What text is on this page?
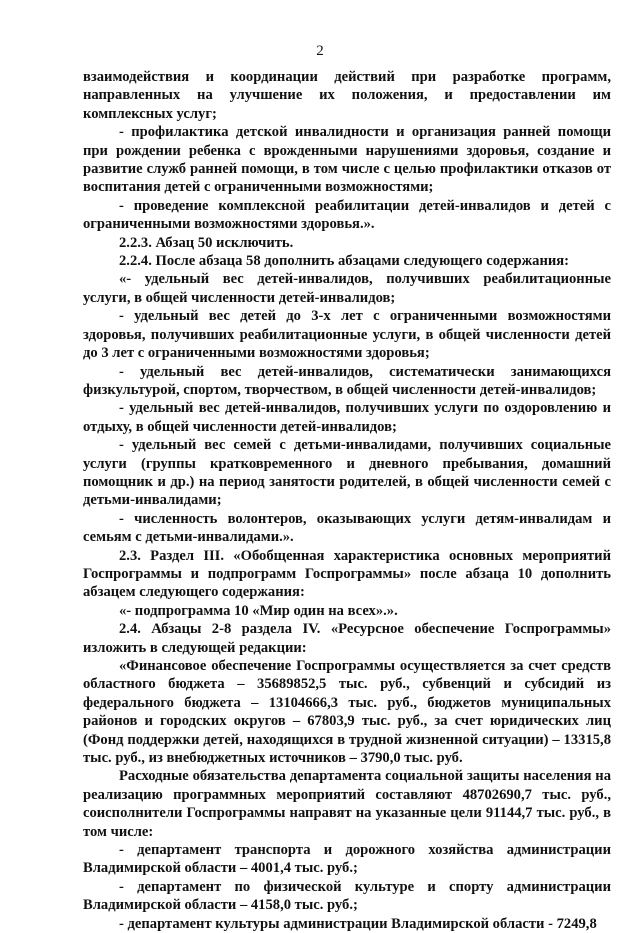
2

взаимодействия и координации действий при разработке программ, направленных на улучшение их положения, и предоставлении им комплексных услуг;

- профилактика детской инвалидности и организация ранней помощи при рождении ребенка с врожденными нарушениями здоровья, создание и развитие служб ранней помощи, в том числе с целью профилактики отказов от воспитания детей с ограниченными возможностями;

- проведение комплексной реабилитации детей-инвалидов и детей с ограниченными возможностями здоровья.».

2.2.3. Абзац 50 исключить.

2.2.4. После абзаца 58 дополнить абзацами следующего содержания:

«- удельный вес детей-инвалидов, получивших реабилитационные услуги, в общей численности детей-инвалидов;

- удельный вес детей до 3-х лет с ограниченными возможностями здоровья, получивших реабилитационные услуги, в общей численности детей до 3 лет с ограниченными возможностями здоровья;

- удельный вес детей-инвалидов, систематически занимающихся физкультурой, спортом, творчеством, в общей численности детей-инвалидов;

- удельный вес детей-инвалидов, получивших услуги по оздоровлению и отдыху, в общей численности детей-инвалидов;

- удельный вес семей с детьми-инвалидами, получивших социальные услуги (группы кратковременного и дневного пребывания, домашний помощник и др.) на период занятости родителей, в общей численности семей с детьми-инвалидами;

- численность волонтеров, оказывающих услуги детям-инвалидам и семьям с детьми-инвалидами.».

2.3. Раздел III. «Обобщенная характеристика основных мероприятий Госпрограммы и подпрограмм Госпрограммы» после абзаца 10 дополнить абзацем следующего содержания:

«- подпрограмма 10 «Мир один на всех».».

2.4. Абзацы 2-8 раздела IV. «Ресурсное обеспечение Госпрограммы» изложить в следующей редакции:

«Финансовое обеспечение Госпрограммы осуществляется за счет средств областного бюджета – 35689852,5 тыс. руб., субвенций и субсидий из федерального бюджета – 13104666,3 тыс. руб., бюджетов муниципальных районов и городских округов – 67803,9 тыс. руб., за счет юридических лиц (Фонд поддержки детей, находящихся в трудной жизненной ситуации) – 13315,8 тыс. руб., из внебюджетных источников – 3790,0 тыс. руб.

Расходные обязательства департамента социальной защиты населения на реализацию программных мероприятий составляют 48702690,7 тыс. руб., соисполнители Госпрограммы направят на указанные цели 91144,7 тыс. руб., в том числе:

- департамент транспорта и дорожного хозяйства администрации Владимирской области – 4001,4 тыс. руб.;

- департамент по физической культуре и спорту администрации Владимирской области – 4158,0 тыс. руб.;

- департамент культуры администрации Владимирской области - 7249,8
